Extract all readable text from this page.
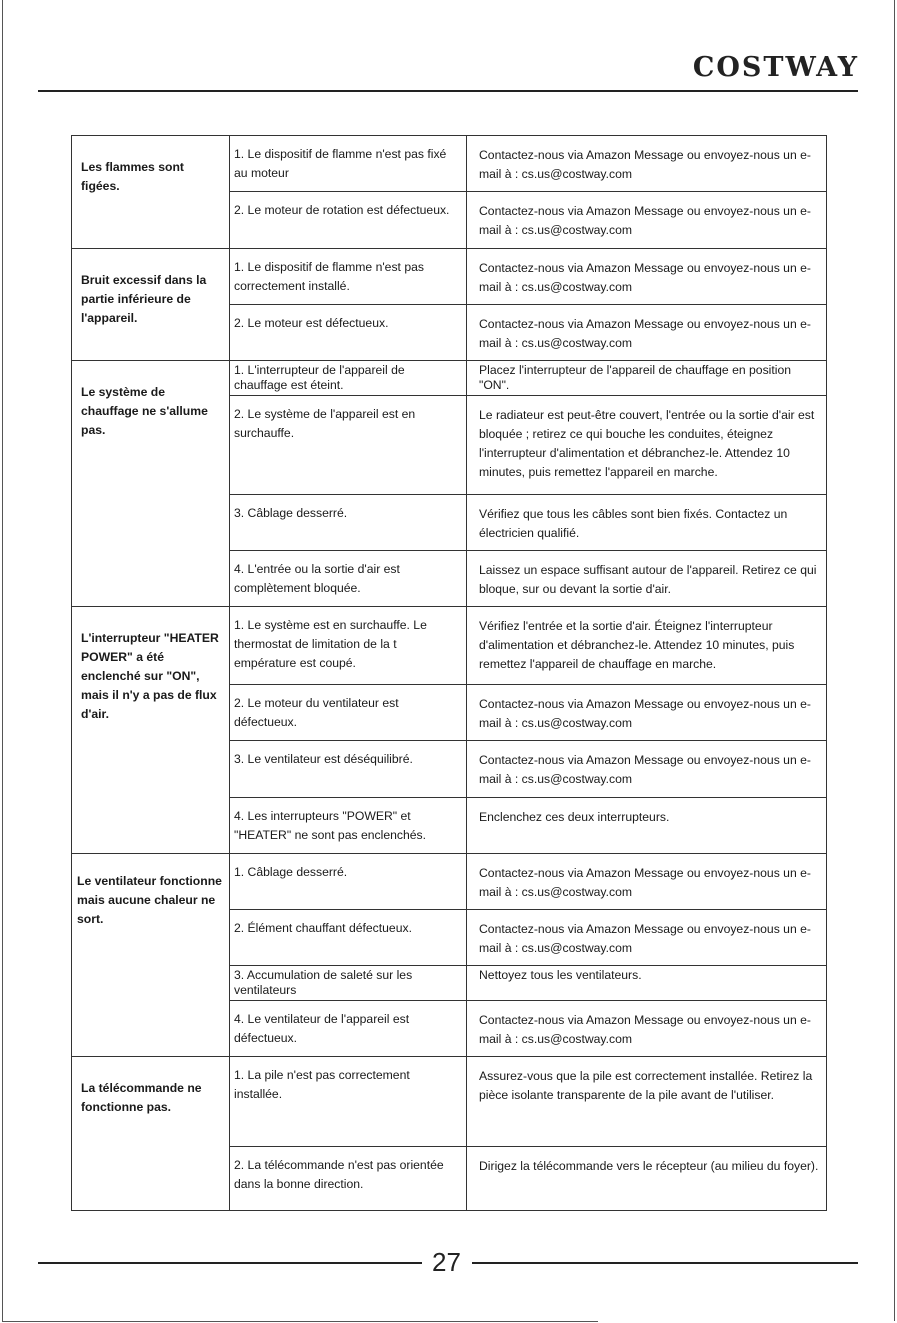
COSTWAY
Les flammes sont figées.	1. Le dispositif de flamme n'est pas fixé au moteur	Contactez-nous via Amazon Message ou envoyez-nous un e-mail à : cs.us@costway.com
	2. Le moteur de rotation est défectueux.	Contactez-nous via Amazon Message ou envoyez-nous un e-mail à : cs.us@costway.com
Bruit excessif dans la partie inférieure de l'appareil.	1. Le dispositif de flamme n'est pas correctement installé.	Contactez-nous via Amazon Message ou envoyez-nous un e-mail à : cs.us@costway.com
	2. Le moteur est défectueux.	Contactez-nous via Amazon Message ou envoyez-nous un e-mail à : cs.us@costway.com
Le système de chauffage ne s'allume pas.	1. L'interrupteur de l'appareil de chauffage est éteint.	Placez l'interrupteur de l'appareil de chauffage en position "ON".
	2. Le système de l'appareil est en surchauffe.	Le radiateur est peut-être couvert, l'entrée ou la sortie d'air est bloquée ; retirez ce qui bouche les conduites, éteignez l'interrupteur d'alimentation et débranchez-le. Attendez 10 minutes, puis remettez l'appareil en marche.
	3. Câblage desserré.	Vérifiez que tous les câbles sont bien fixés. Contactez un électricien qualifié.
	4. L'entrée ou la sortie d'air est complètement bloquée.	Laissez un espace suffisant autour de l'appareil. Retirez ce qui bloque, sur ou devant la sortie d'air.
L'interrupteur "HEATER POWER" a été enclenché sur "ON", mais il n'y a pas de flux d'air.	1. Le système est en surchauffe. Le thermostat de limitation de la t empérature est coupé.	Vérifiez l'entrée et la sortie d'air. Éteignez l'interrupteur d'alimentation et débranchez-le. Attendez 10 minutes, puis remettez l'appareil de chauffage en marche.
	2. Le moteur du ventilateur est défectueux.	Contactez-nous via Amazon Message ou envoyez-nous un e-mail à : cs.us@costway.com
	3. Le ventilateur est déséquilibré.	Contactez-nous via Amazon Message ou envoyez-nous un e-mail à : cs.us@costway.com
	4. Les interrupteurs "POWER" et "HEATER" ne sont pas enclenchés.	Enclenchez ces deux interrupteurs.
Le ventilateur fonctionne mais aucune chaleur ne sort.	1. Câblage desserré.	Contactez-nous via Amazon Message ou envoyez-nous un e-mail à : cs.us@costway.com
	2. Élément chauffant défectueux.	Contactez-nous via Amazon Message ou envoyez-nous un e-mail à : cs.us@costway.com
	3. Accumulation de saleté sur les ventilateurs	Nettoyez tous les ventilateurs.
	4. Le ventilateur de l'appareil est défectueux.	Contactez-nous via Amazon Message ou envoyez-nous un e-mail à : cs.us@costway.com
La télécommande ne fonctionne pas.	1. La pile n'est pas correctement installée.	Assurez-vous que la pile est correctement installée. Retirez la pièce isolante transparente de la pile avant de l'utiliser.
	2. La télécommande n'est pas orientée dans la bonne direction.	Dirigez la télécommande vers le récepteur (au milieu du foyer).
27
